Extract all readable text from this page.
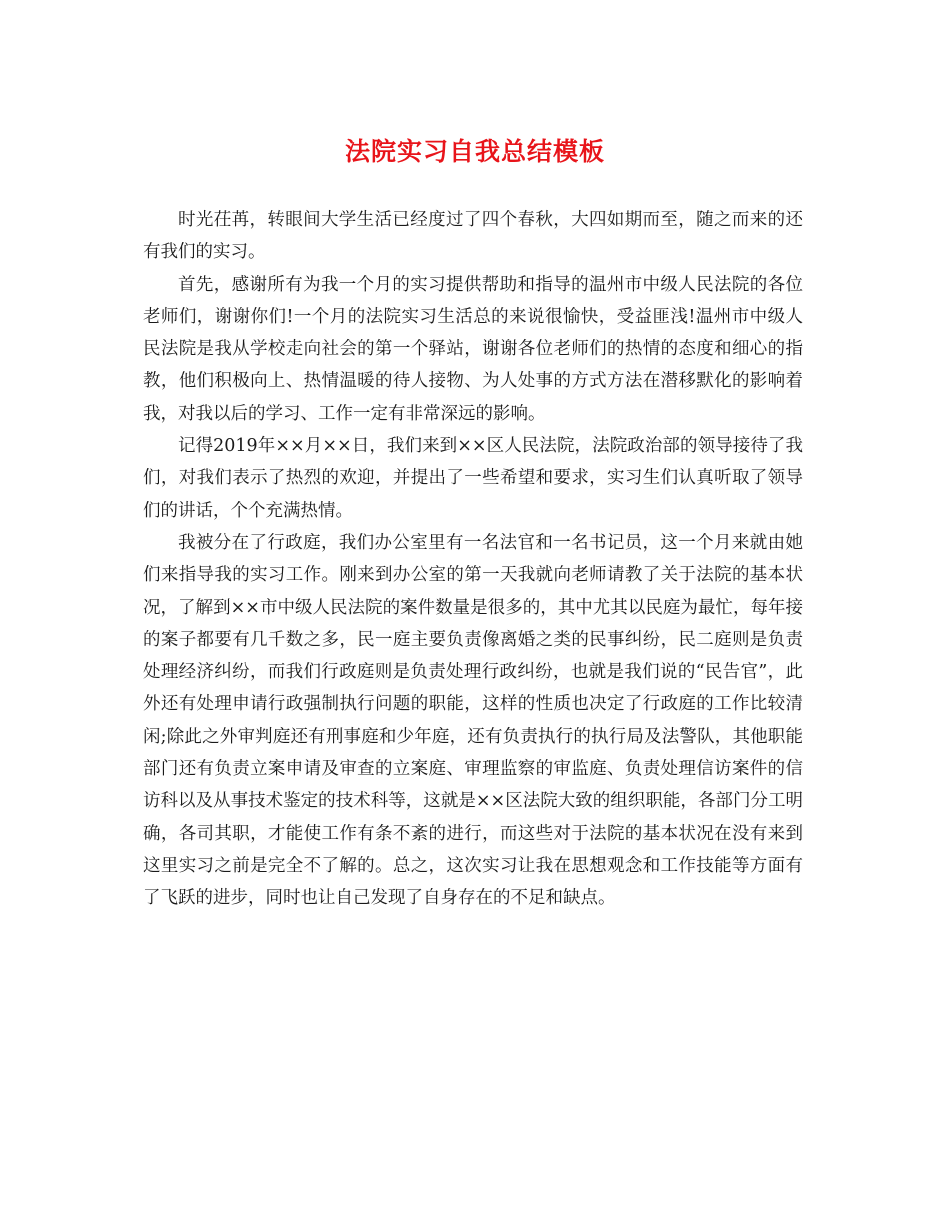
法院实习自我总结模板

时光茌苒，转眼间大学生活已经度过了四个春秋，大四如期而至，随之而来的还有我们的实习。

首先，感谢所有为我一个月的实习提供帮助和指导的温州市中级人民法院的各位老师们，谢谢你们!一个月的法院实习生活总的来说很愉快，受益匪浅!温州市中级人民法院是我从学校走向社会的第一个驿站，谢谢各位老师们的热情的态度和细心的指教，他们积极向上、热情温暖的待人接物、为人处事的方式方法在潜移默化的影响着我，对我以后的学习、工作一定有非常深远的影响。

记得2019年××月××日，我们来到××区人民法院，法院政治部的领导接待了我们，对我们表示了热烈的欢迎，并提出了一些希望和要求，实习生们认真听取了领导们的讲话，个个充满热情。

我被分在了行政庭，我们办公室里有一名法官和一名书记员，这一个月来就由她们来指导我的实习工作。刚来到办公室的第一天我就向老师请教了关于法院的基本状况，了解到××市中级人民法院的案件数量是很多的，其中尤其以民庭为最忙，每年接的案子都要有几千数之多，民一庭主要负责像离婚之类的民事纠纷，民二庭则是负责处理经济纠纷，而我们行政庭则是负责处理行政纠纷，也就是我们说的“民告官”，此外还有处理申请行政强制执行问题的职能，这样的性质也决定了行政庭的工作比较清闲;除此之外审判庭还有刑事庭和少年庭，还有负责执行的执行局及法警队，其他职能部门还有负责立案申请及审查的立案庭、审理监察的审监庭、负责处理信访案件的信访科以及从事技术鉴定的技术科等，这就是××区法院大致的组织职能，各部门分工明确，各司其职，才能使工作有条不紊的进行，而这些对于法院的基本状况在没有来到这里实习之前是完全不了解的。总之，这次实习让我在思想观念和工作技能等方面有了飞跃的进步，同时也让自己发现了自身存在的不足和缺点。
